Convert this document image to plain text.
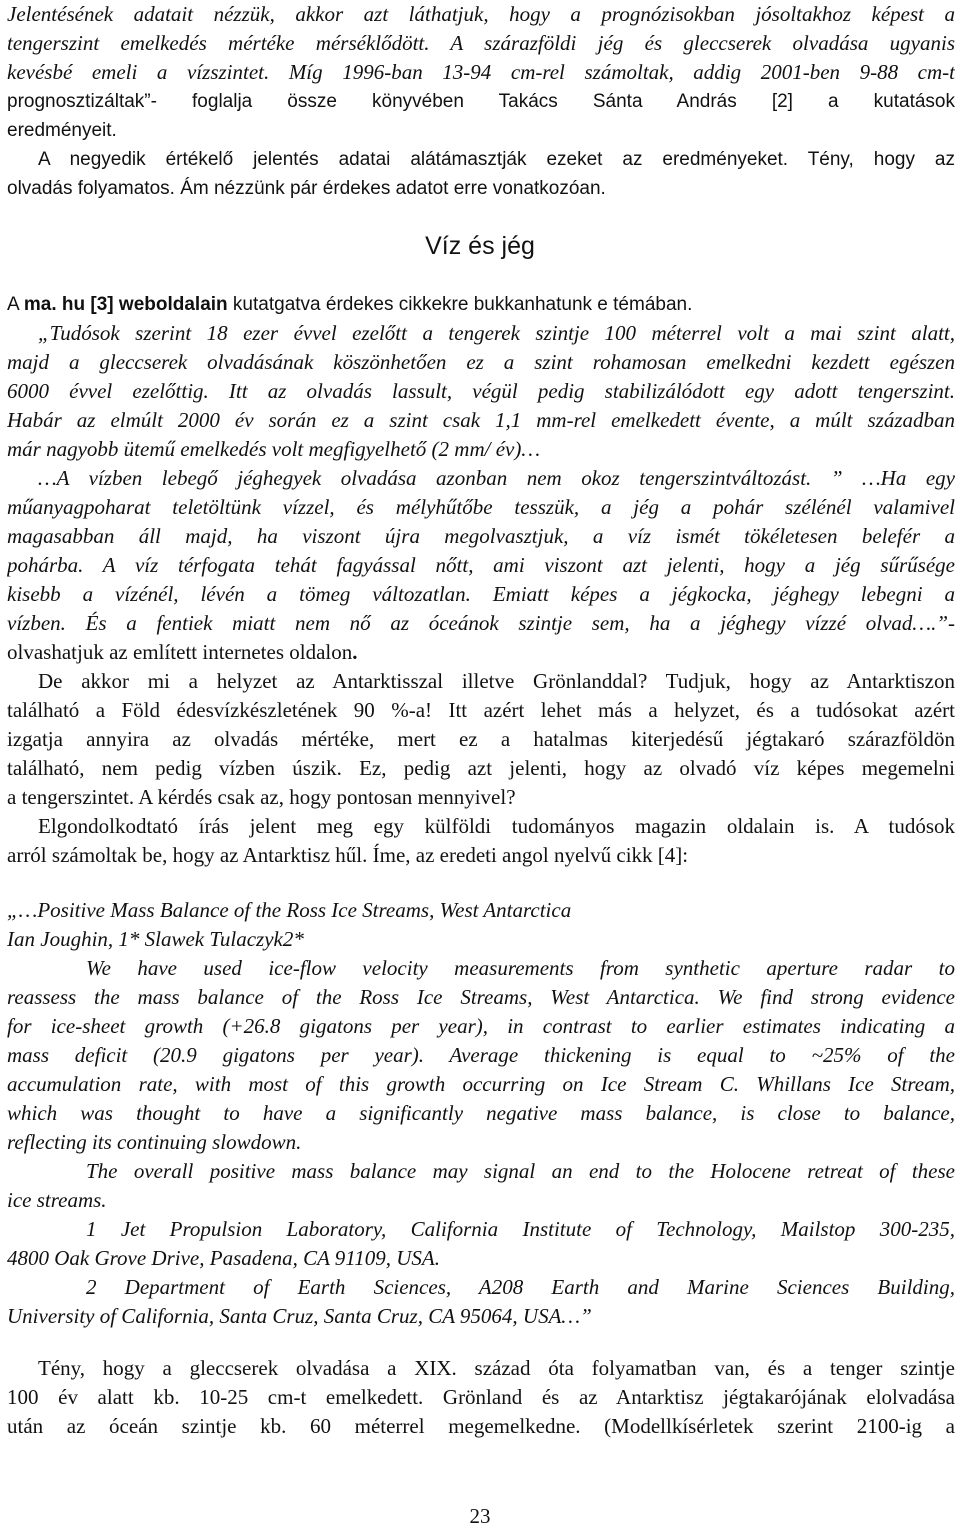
Jelentésének adatait nézzük, akkor azt láthatjuk, hogy a prognózisokban jósoltakhoz képest a
tengerszint emelkedés mértéke mérséklődött. A szárazföldi jég és gleccserek olvadása ugyanis
kevésbé emeli a vízszintet. Míg 1996-ban 13-94 cm-rel számoltak, addig 2001-ben 9-88 cm-t
prognosztizáltak”- foglalja össze könyvében Takács Sánta András [2] a kutatások
eredményeit.
A negyedik értékelő jelentés adatai alátámasztják ezeket az eredményeket. Tény, hogy az
olvadás folyamatos. Ám nézzünk pár érdekes adatot erre vonatkozóan.
Víz és jég
A ma. hu [3] weboldalain kutatgatva érdekes cikkekre bukkanhatunk e témában.
„Tudósok szerint 18 ezer évvel ezelőtt a tengerek szintje 100 méterrel volt a mai szint alatt,
majd a gleccserek olvadásának köszönhetően ez a szint rohamosan emelkedni kezdett egészen
6000 évvel ezelőttig. Itt az olvadás lassult, végül pedig stabilizálódott egy adott tengerszint.
Habár az elmúlt 2000 év során ez a szint csak 1,1 mm-rel emelkedett évente, a múlt században
már nagyobb ütemű emelkedés volt megfigyelhető (2 mm/ év)…
…A vízben lebegő jéghegyek olvadása azonban nem okoz tengerszintváltozást. ” …Ha egy
műanyagpoharat teletöltünk vízzel, és mélyhűtőbe tesszük, a jég a pohár szélénél valamivel
magasabban áll majd, ha viszont újra megolvasztjuk, a víz ismét tökéletesen belefér a
pohárba. A víz térfogata tehát fagyással nőtt, ami viszont azt jelenti, hogy a jég sűrűsége
kisebb a vízénél, lévén a tömeg változatlan. Emiatt képes a jégkocka, jéghegy lebegni a
vízben. És a fentiek miatt nem nő az óceánok szintje sem, ha a jéghegy vízzé olvad….”-
olvashatjuk az említett internetes oldalon.
De akkor mi a helyzet az Antarktisszal illetve Grönlanddal? Tudjuk, hogy az Antarktiszon
található a Föld édesvízkészletének 90 %-a! Itt azért lehet más a helyzet, és a tudósokat azért
izgatja annyira az olvadás mértéke, mert ez a hatalmas kiterjedésű jégtakaró szárazföldön
található, nem pedig vízben úszik. Ez, pedig azt jelenti, hogy az olvadó víz képes megemelni
a tengerszintet. A kérdés csak az, hogy pontosan mennyivel?
Elgondolkodtató írás jelent meg egy külföldi tudományos magazin oldalain is. A tudósok
arról számoltak be, hogy az Antarktisz hűl. Íme, az eredeti angol nyelvű cikk [4]:
„…Positive Mass Balance of the Ross Ice Streams, West Antarctica
Ian Joughin, 1* Slawek Tulaczyk2*
We have used ice-flow velocity measurements from synthetic aperture radar to
reassess the mass balance of the Ross Ice Streams, West Antarctica. We find strong evidence
for ice-sheet growth (+26.8 gigatons per year), in contrast to earlier estimates indicating a
mass deficit (20.9 gigatons per year). Average thickening is equal to ~25% of the
accumulation rate, with most of this growth occurring on Ice Stream C. Whillans Ice Stream,
which was thought to have a significantly negative mass balance, is close to balance,
reflecting its continuing slowdown.
The overall positive mass balance may signal an end to the Holocene retreat of these
ice streams.
1 Jet Propulsion Laboratory, California Institute of Technology, Mailstop 300-235,
4800 Oak Grove Drive, Pasadena, CA 91109, USA.
2 Department of Earth Sciences, A208 Earth and Marine Sciences Building,
University of California, Santa Cruz, Santa Cruz, CA 95064, USA…”
Tény, hogy a gleccserek olvadása a XIX. század óta folyamatban van, és a tenger szintje
100 év alatt kb. 10-25 cm-t emelkedett. Grönland és az Antarktisz jégtakarójának elolvadása
után az óceán szintje kb. 60 méterrel megemelkedne. (Modellkísérletek szerint 2100-ig a
23
